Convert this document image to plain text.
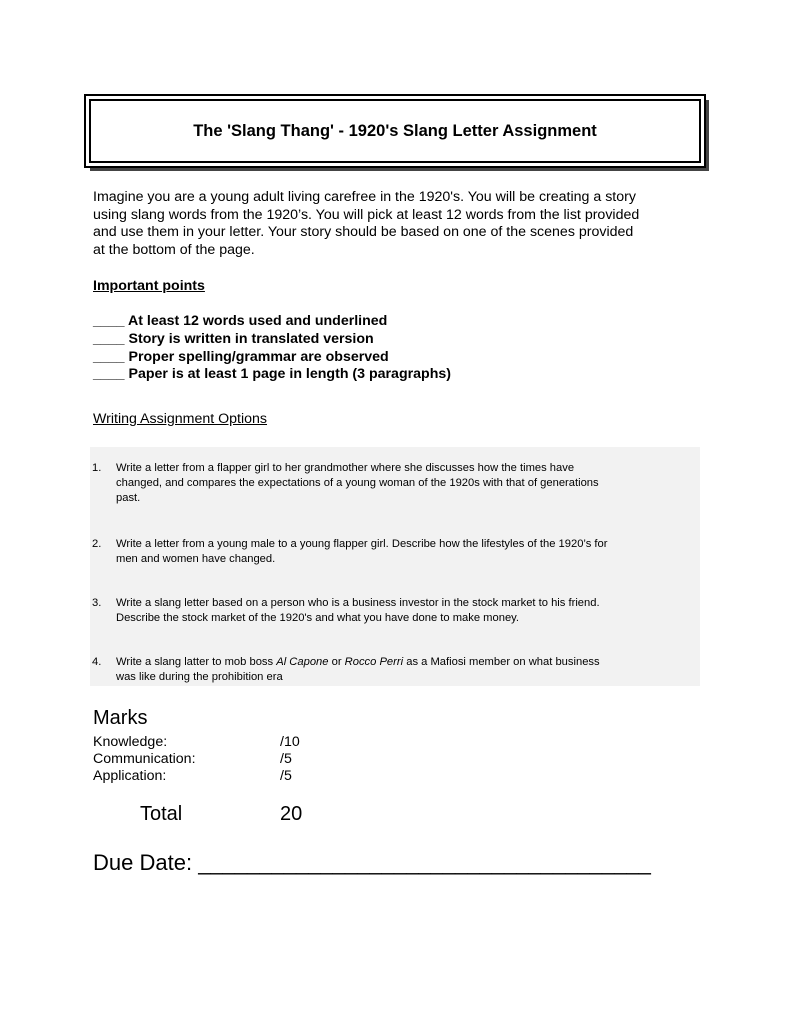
The 'Slang Thang' - 1920's Slang Letter Assignment

Imagine you are a young adult living carefree in the 1920's. You will be creating a story
using slang words from the 1920’s. You will pick at least 12 words from the list provided
and use them in your letter. Your story should be based on one of the scenes provided
at the bottom of the page.

Important points
____ At least 12 words used and underlined
____ Story is written in translated version
____ Proper spelling/grammar are observed
____ Paper is at least 1 page in length (3 paragraphs)
Writing Assignment Options
1.	Write a letter from a flapper girl to her grandmother where she discusses how the times have
changed, and compares the expectations of a young woman of the 1920s with that of generations
past.
2.	Write a letter from a young male to a young flapper girl. Describe how the lifestyles of the 1920’s for
men and women have changed.
3.	Write a slang letter based on a person who is a business investor in the stock market to his friend.
Describe the stock market of the 1920's and what you have done to make money.
4.	Write a slang latter to mob boss Al Capone or Rocco Perri as a Mafiosi member on what business
was like during the prohibition era
Marks
Knowledge:	/10
Communication:	/5
Application:	/5
Total	20
Due Date: _____________________________________
